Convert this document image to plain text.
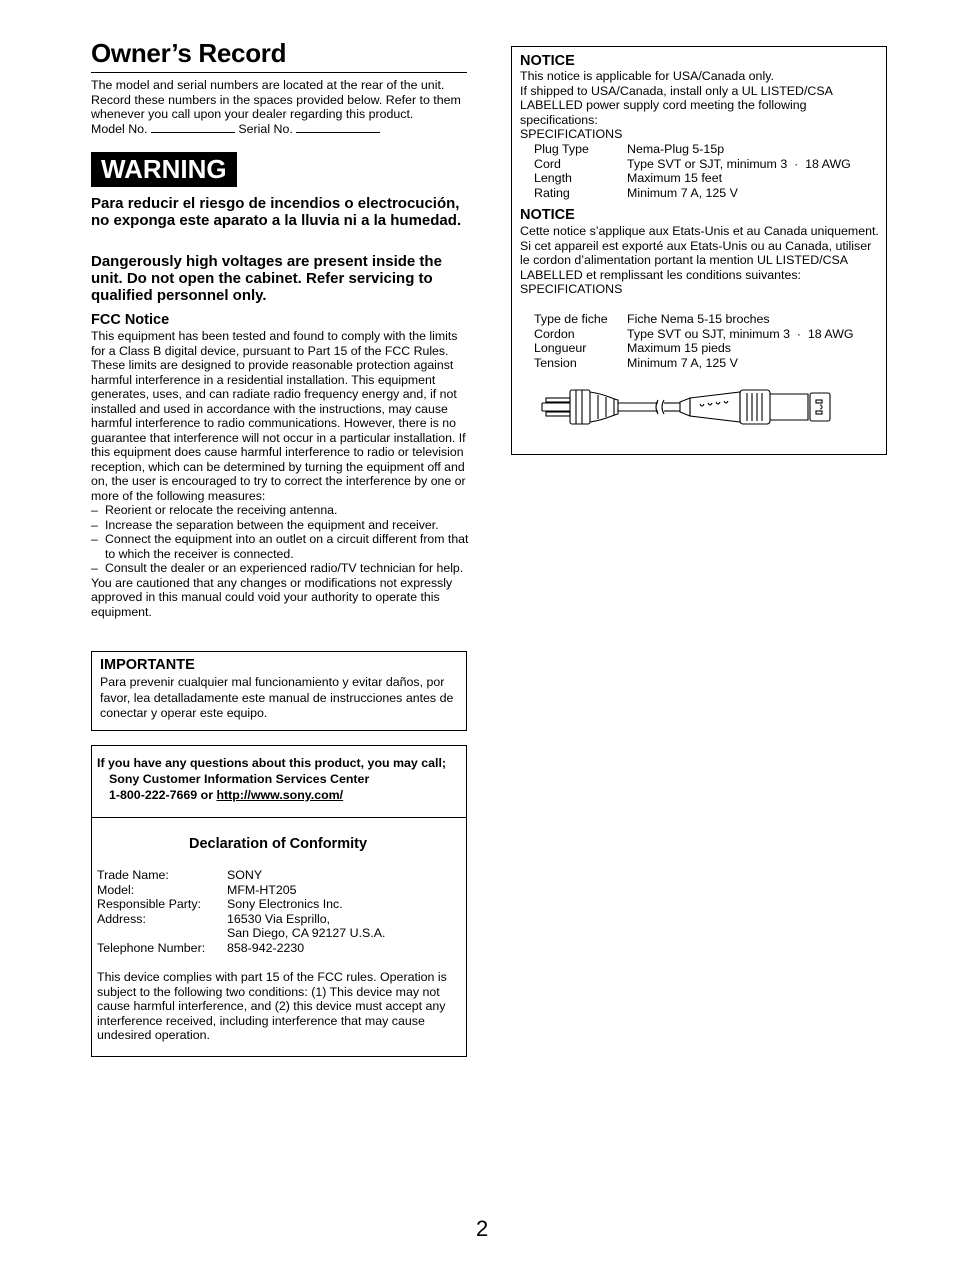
Owner’s Record

The model and serial numbers are located at the rear of the unit. Record these numbers in the spaces provided below. Refer to them whenever you call upon your dealer regarding this product.

Model No.	Serial No.

WARNING
Para reducir el riesgo de incendios o electrocución, no exponga este aparato a la lluvia ni a la humedad.
Dangerously high voltages are present inside the unit. Do not open the cabinet. Refer servicing to qualified personnel only.
FCC Notice

This equipment has been tested and found to comply with the limits for a Class B digital device, pursuant to Part 15 of the FCC Rules. These limits are designed to provide reasonable protection against harmful interference in a residential installation. This equipment generates, uses, and can radiate radio frequency energy and, if not installed and used in accordance with the instructions, may cause harmful interference to radio communications. However, there is no guarantee that interference will not occur in a particular installation. If this equipment does cause harmful interference to radio or television reception, which can be determined by turning the equipment off and on, the user is encouraged to try to correct the interference by one or more of the following measures:

– Reorient or relocate the receiving antenna.
– Increase the separation between the equipment and receiver.
– Connect the equipment into an outlet on a circuit different from that to which the receiver is connected.
– Consult the dealer or an experienced radio/TV technician for help.

You are cautioned that any changes or modifications not expressly approved in this manual could void your authority to operate this equipment.

IMPORTANTE
Para prevenir cualquier mal funcionamiento y evitar daños, por favor, lea detalladamente este manual de instrucciones antes de conectar y operar este equipo.
If you have any questions about this product, you may call;
Sony Customer Information Services Center
1-800-222-7669 or http://www.sony.com/
Declaration of Conformity
Trade Name:	SONY
Model:	MFM-HT205
Responsible Party:	Sony Electronics Inc.
Address:	16530 Via Esprillo,
	San Diego, CA 92127 U.S.A.
Telephone Number:	858-942-2230
This device complies with part 15 of the FCC rules. Operation is subject to the following two conditions: (1) This device may not cause harmful interference, and (2) this device must accept any interference received, including interference that may cause undesired operation.
NOTICE

This notice is applicable for USA/Canada only.

If shipped to USA/Canada, install only a UL LISTED/CSA LABELLED power supply cord meeting the following specifications:

SPECIFICATIONS

Plug Type	Nema-Plug 5-15p
Cord	Type SVT or SJT, minimum 3  ·  18 AWG
Length	Maximum 15 feet
Rating	Minimum 7 A, 125 V
NOTICE

Cette notice s’applique aux Etats-Unis et au Canada uniquement.

Si cet appareil est exporté aux Etats-Unis ou au Canada, utiliser le cordon d’alimentation portant la mention UL LISTED/CSA LABELLED et remplissant les conditions suivantes:

SPECIFICATIONS

Type de fiche	Fiche Nema 5-15 broches
Cordon	Type SVT ou SJT, minimum 3  ·  18 AWG
Longueur	Maximum 15 pieds
Tension	Minimum 7 A, 125 V
2
